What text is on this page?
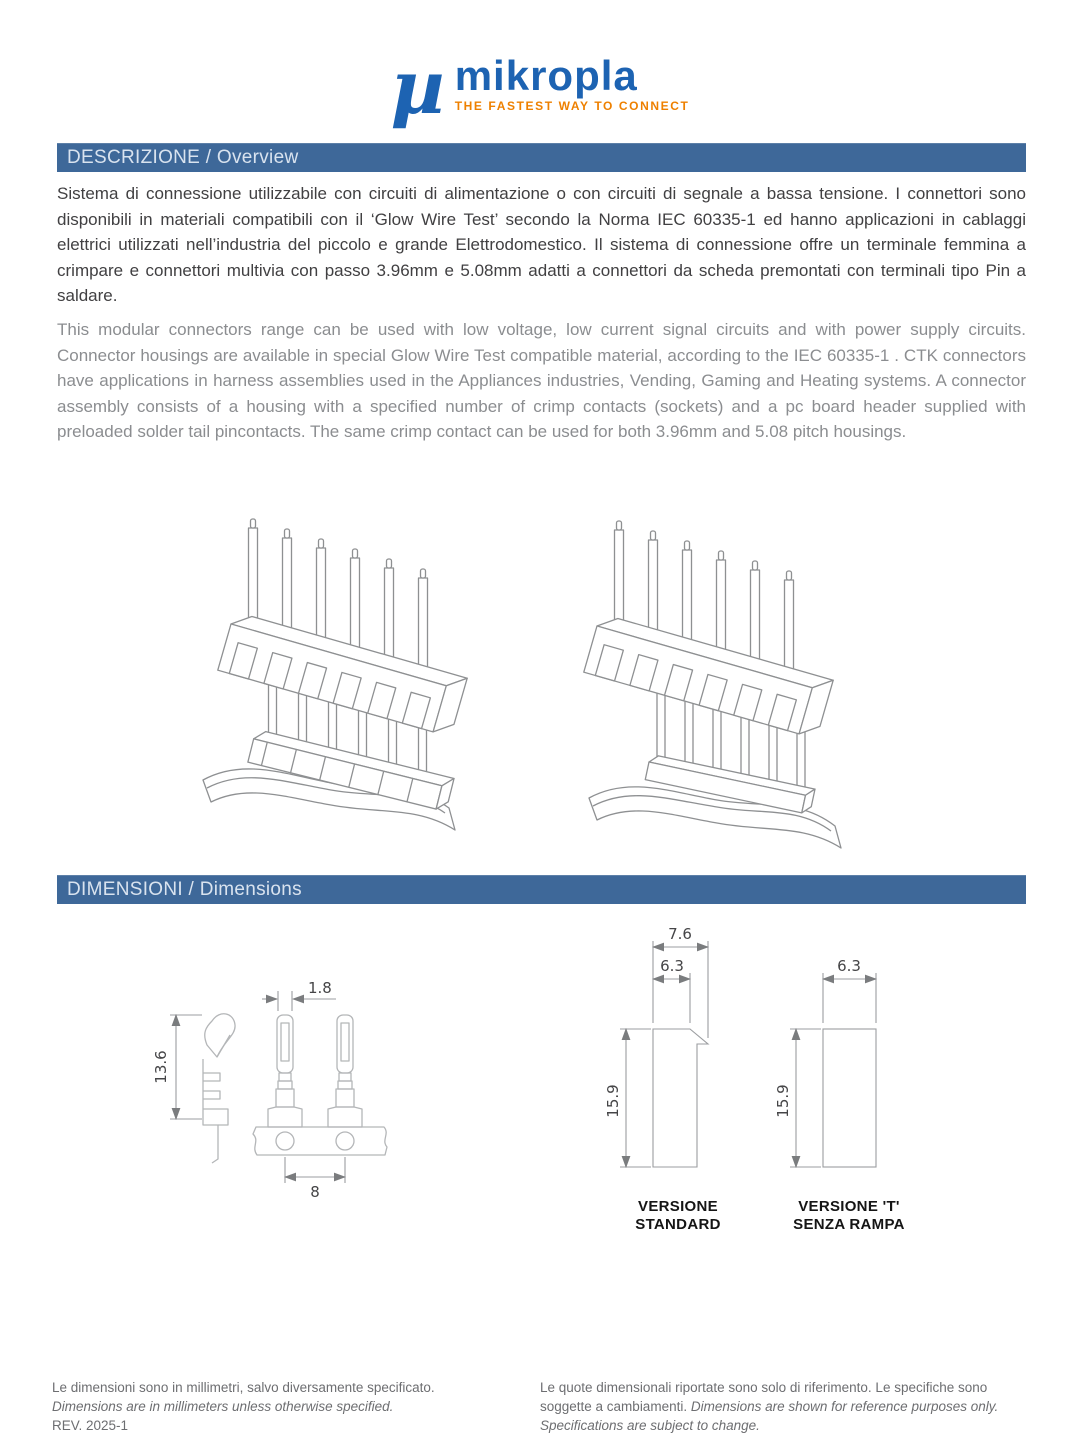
µ mikropla
THE FASTEST WAY TO CONNECT
DESCRIZIONE / Overview
Sistema di connessione utilizzabile con circuiti di alimentazione o con circuiti di segnale a bassa tensione. I connettori sono disponibili in materiali compatibili con il ‘Glow Wire Test’ secondo la Norma IEC 60335-1 ed hanno applicazioni in cablaggi elettrici utilizzati nell’industria del piccolo e grande Elettrodomestico. Il sistema di connessione offre un terminale femmina a crimpare e connettori multivia con passo 3.96mm e 5.08mm adatti a connettori da scheda premontati con terminali tipo Pin a saldare.
This modular connectors range can be used with low voltage, low current signal circuits and with power supply circuits. Connector housings are available in special Glow Wire Test compatible material, according to the IEC 60335-1 . CTK connectors have applications in harness assemblies used in the Appliances industries, Vending, Gaming and Heating systems. A connector assembly consists of a housing with a specified number of crimp contacts (sockets) and a pc board header supplied with preloaded solder tail pincontacts. The same crimp contact can be used for both 3.96mm and 5.08 pitch housings.
DIMENSIONI / Dimensions
13.6
1.8
8
7.6
6.3
15.9
VERSIONE
STANDARD
6.3
15.9
VERSIONE 'T'
SENZA RAMPA
Le dimensioni sono in millimetri, salvo diversamente specificato.
Dimensions are in millimeters unless otherwise specified.
REV. 2025-1
Le quote dimensionali riportate sono solo di riferimento. Le specifiche sono soggette a cambiamenti. Dimensions are shown for reference purposes only. Specifications are subject to change.
